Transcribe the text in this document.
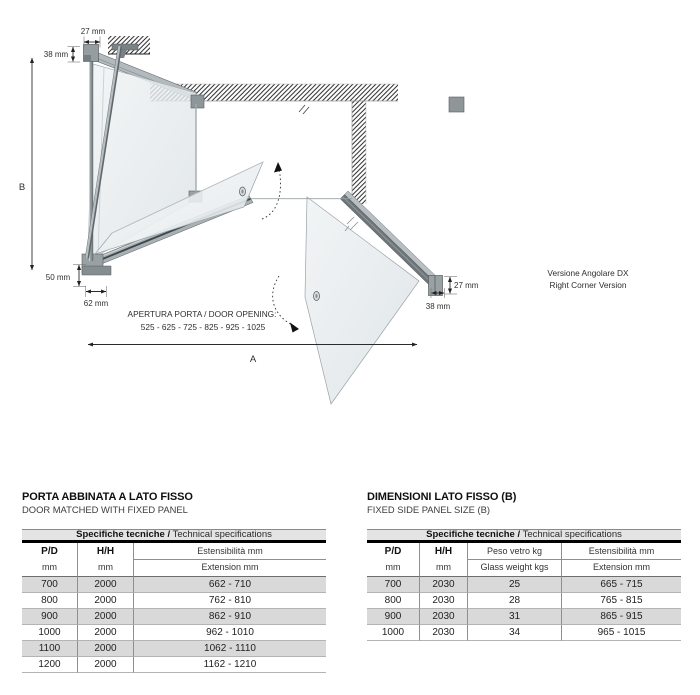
27 mm
38 mm
B
50 mm
62 mm
A
27 mm
38 mm
APERTURA PORTA / DOOR OPENING:
525 - 625 - 725 - 825 - 925 - 1025
Versione Angolare DX
Right Corner Version
PORTA ABBINATA A LATO FISSO
DOOR MATCHED WITH FIXED PANEL
Specifiche tecniche / Technical specifications
P/D	H/H	Estensibilità mm
mm	mm	Extension mm
700	2000	662 - 710
800	2000	762 - 810
900	2000	862 - 910
1000	2000	962 - 1010
1100	2000	1062 - 1110
1200	2000	1162 - 1210
DIMENSIONI LATO FISSO (B)
FIXED SIDE PANEL SIZE (B)
Specifiche tecniche / Technical specifications
P/D	H/H	Peso vetro kg	Estensibilità mm
mm	mm	Glass weight kgs	Extension mm
700	2030	25	665 - 715
800	2030	28	765 - 815
900	2030	31	865 - 915
1000	2030	34	965 - 1015
